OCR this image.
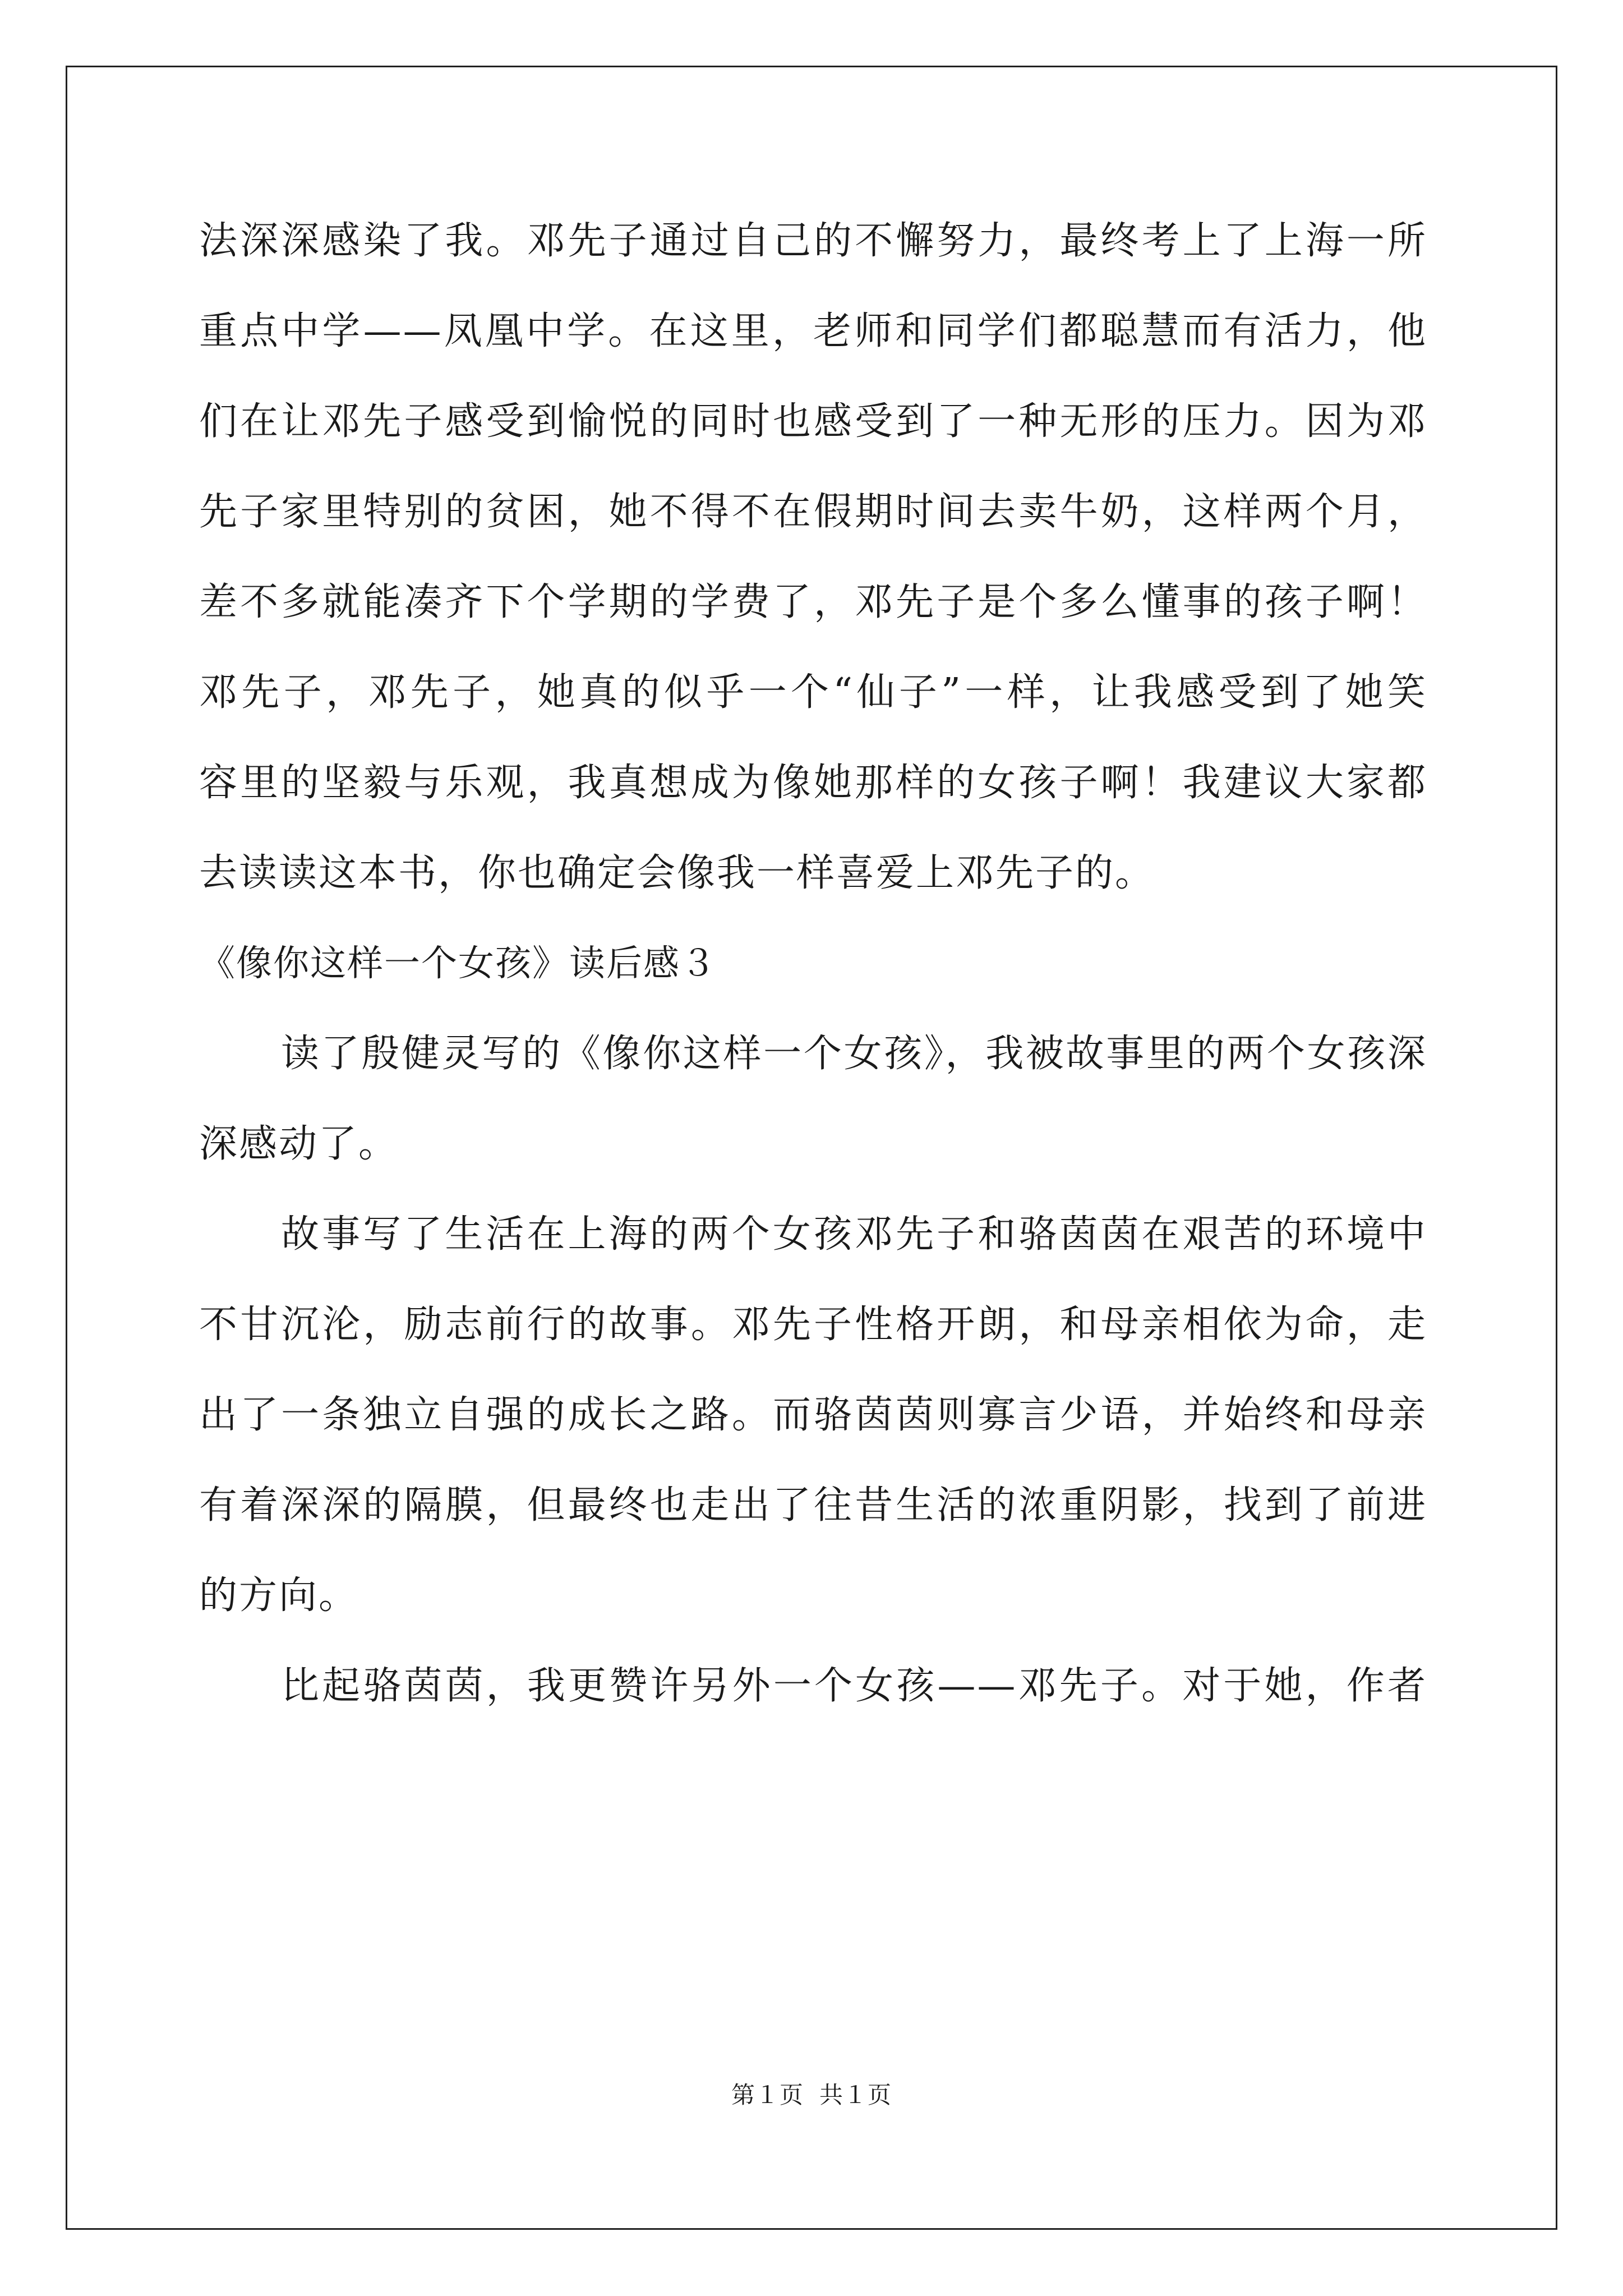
法深深感染了我。邓先子通过自己的不懈努力，最终考上了上海一所
重点中学——凤凰中学。在这里，老师和同学们都聪慧而有活力，他
们在让邓先子感受到愉悦的同时也感受到了一种无形的压力。因为邓
先子家里特别的贫困，她不得不在假期时间去卖牛奶，这样两个月，
差不多就能凑齐下个学期的学费了，邓先子是个多么懂事的孩子啊！
邓先子，邓先子，她真的似乎一个“仙子”一样，让我感受到了她笑
容里的坚毅与乐观，我真想成为像她那样的女孩子啊！我建议大家都
去读读这本书，你也确定会像我一样喜爱上邓先子的。
《像你这样一个女孩》读后感３
读了殷健灵写的《像你这样一个女孩》，我被故事里的两个女孩深
深感动了。
故事写了生活在上海的两个女孩邓先子和骆茵茵在艰苦的环境中
不甘沉沦，励志前行的故事。邓先子性格开朗，和母亲相依为命，走
出了一条独立自强的成长之路。而骆茵茵则寡言少语，并始终和母亲
有着深深的隔膜，但最终也走出了往昔生活的浓重阴影，找到了前进
的方向。
比起骆茵茵，我更赞许另外一个女孩——邓先子。对于她，作者
第１页 共１页
